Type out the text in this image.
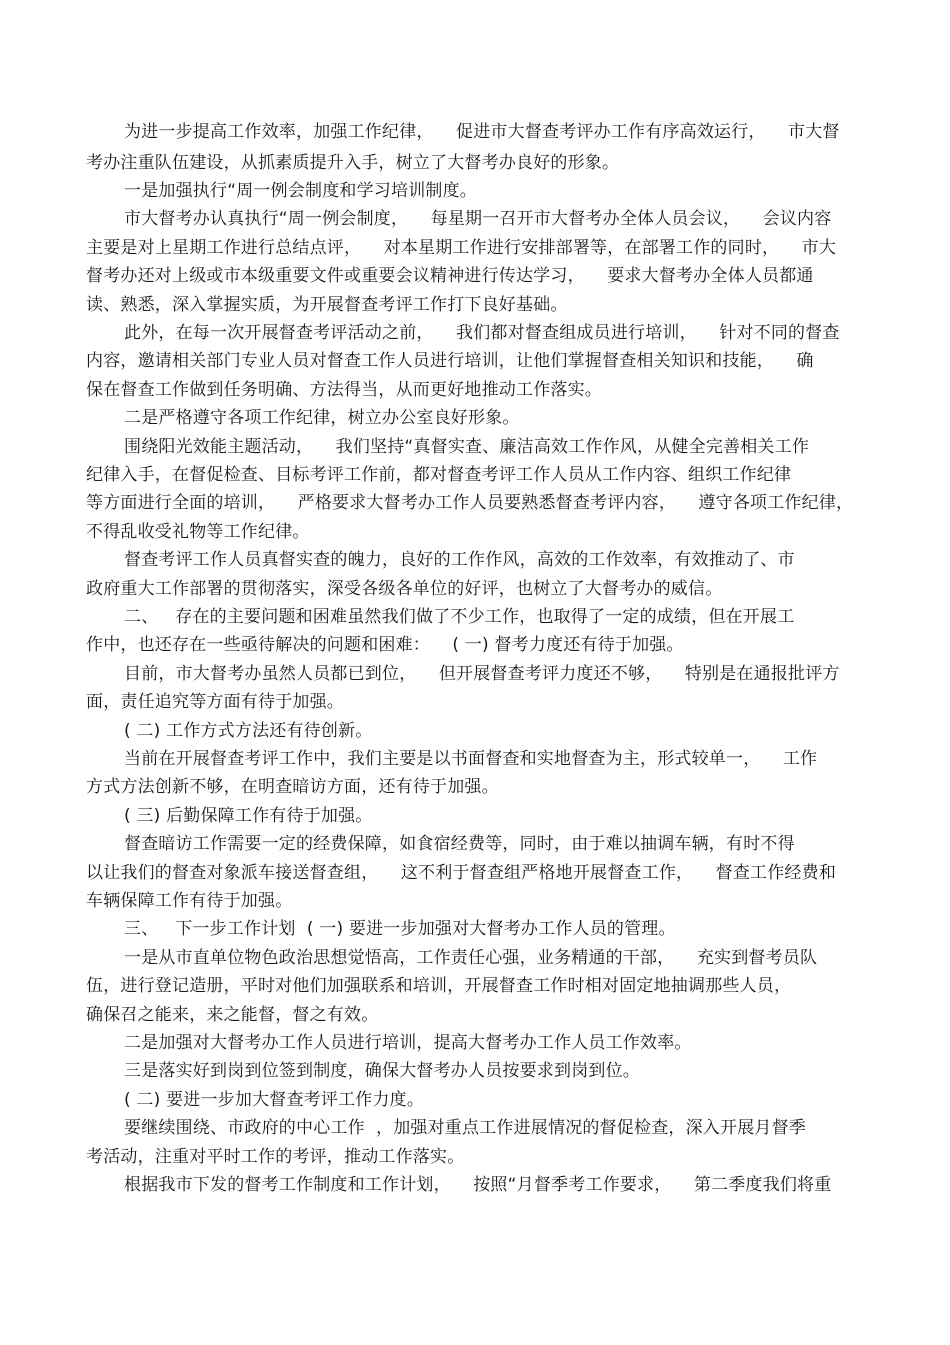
为进一步提高工作效率，加强工作纪律，    促进市大督查考评办工作有序高效运行，    市大督
考办注重队伍建设，从抓素质提升入手，树立了大督考办良好的形象。
一是加强执行“周一例会制度和学习培训制度。
市大督考办认真执行“周一例会制度，    每星期一召开市大督考办全体人员会议，    会议内容
主要是对上星期工作进行总结点评，    对本星期工作进行安排部署等，在部署工作的同时，    市大
督考办还对上级或市本级重要文件或重要会议精神进行传达学习，    要求大督考办全体人员都通
读、熟悉，深入掌握实质，为开展督查考评工作打下良好基础。
此外，在每一次开展督查考评活动之前，    我们都对督查组成员进行培训，    针对不同的督查
内容，邀请相关部门专业人员对督查工作人员进行培训，让他们掌握督查相关知识和技能，    确
保在督查工作做到任务明确、方法得当，从而更好地推动工作落实。
二是严格遵守各项工作纪律，树立办公室良好形象。
围绕阳光效能主题活动，    我们坚持“真督实查、廉洁高效工作作风，从健全完善相关工作
纪律入手，在督促检查、目标考评工作前，都对督查考评工作人员从工作内容、组织工作纪律
等方面进行全面的培训，    严格要求大督考办工作人员要熟悉督查考评内容，    遵守各项工作纪律，
不得乱收受礼物等工作纪律。
督查考评工作人员真督实查的魄力，良好的工作作风，高效的工作效率，有效推动了、市
政府重大工作部署的贯彻落实，深受各级各单位的好评，也树立了大督考办的威信。
二、   存在的主要问题和困难虽然我们做了不少工作，也取得了一定的成绩，但在开展工
作中，也还存在一些亟待解决的问题和困难：    ( 一) 督考力度还有待于加强。
目前，市大督考办虽然人员都已到位，    但开展督查考评力度还不够，    特别是在通报批评方
面，责任追究等方面有待于加强。
( 二) 工作方式方法还有待创新。
当前在开展督查考评工作中，我们主要是以书面督查和实地督查为主，形式较单一，    工作
方式方法创新不够，在明查暗访方面，还有待于加强。
( 三) 后勤保障工作有待于加强。
督查暗访工作需要一定的经费保障，如食宿经费等，同时，由于难以抽调车辆，有时不得
以让我们的督查对象派车接送督查组，    这不利于督查组严格地开展督查工作，    督查工作经费和
车辆保障工作有待于加强。
三、   下一步工作计划  ( 一) 要进一步加强对大督考办工作人员的管理。
一是从市直单位物色政治思想觉悟高，工作责任心强，业务精通的干部，    充实到督考员队
伍，进行登记造册，平时对他们加强联系和培训，开展督查工作时相对固定地抽调那些人员，
确保召之能来，来之能督，督之有效。
二是加强对大督考办工作人员进行培训，提高大督考办工作人员工作效率。
三是落实好到岗到位签到制度，确保大督考办人员按要求到岗到位。
( 二) 要进一步加大督查考评工作力度。
要继续围绕、市政府的中心工作  ，加强对重点工作进展情况的督促检查，深入开展月督季
考活动，注重对平时工作的考评，推动工作落实。
根据我市下发的督考工作制度和工作计划，    按照“月督季考工作要求，    第二季度我们将重
